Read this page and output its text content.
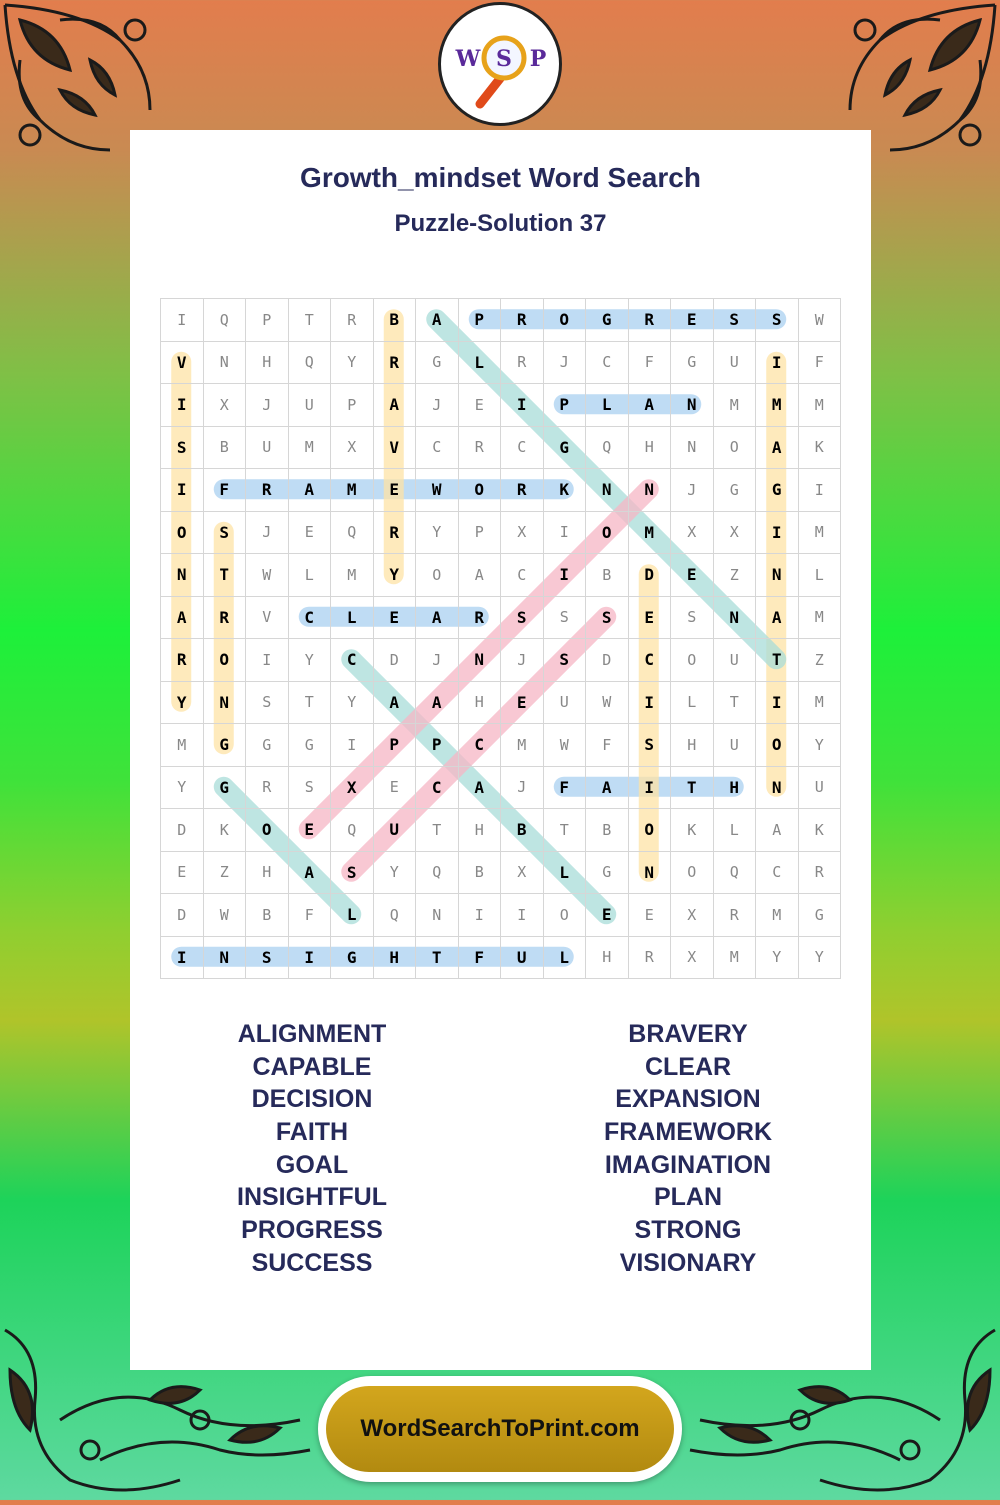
S
W P
Growth_mindset Word Search
Puzzle-Solution 37
I	Q	P	T	R	B	A	P	R	O	G	R	E	S	S	W
V	N	H	Q	Y	R	G	L	R	J	C	F	G	U	I	F
I	X	J	U	P	A	J	E	I	P	L	A	N	M	M	M
S	B	U	M	X	V	C	R	C	G	Q	H	N	O	A	K
I	F	R	A	M	E	W	O	R	K	N	N	J	G	G	I
O	S	J	E	Q	R	Y	P	X	I	O	M	X	X	I	M
N	T	W	L	M	Y	O	A	C	I	B	D	E	Z	N	L
A	R	V	C	L	E	A	R	S	S	S	E	S	N	A	M
R	O	I	Y	C	D	J	N	J	S	D	C	O	U	T	Z
Y	N	S	T	Y	A	A	H	E	U	W	I	L	T	I	M
M	G	G	G	I	P	P	C	M	W	F	S	H	U	O	Y
Y	G	R	S	X	E	C	A	J	F	A	I	T	H	N	U
D	K	O	E	Q	U	T	H	B	T	B	O	K	L	A	K
E	Z	H	A	S	Y	Q	B	X	L	G	N	O	Q	C	R
D	W	B	F	L	Q	N	I	I	O	E	E	X	R	M	G
I	N	S	I	G	H	T	F	U	L	H	R	X	M	Y	Y
ALIGNMENT
CAPABLE
DECISION
FAITH
GOAL
INSIGHTFUL
PROGRESS
SUCCESS
BRAVERY
CLEAR
EXPANSION
FRAMEWORK
IMAGINATION
PLAN
STRONG
VISIONARY
WordSearchToPrint.com
